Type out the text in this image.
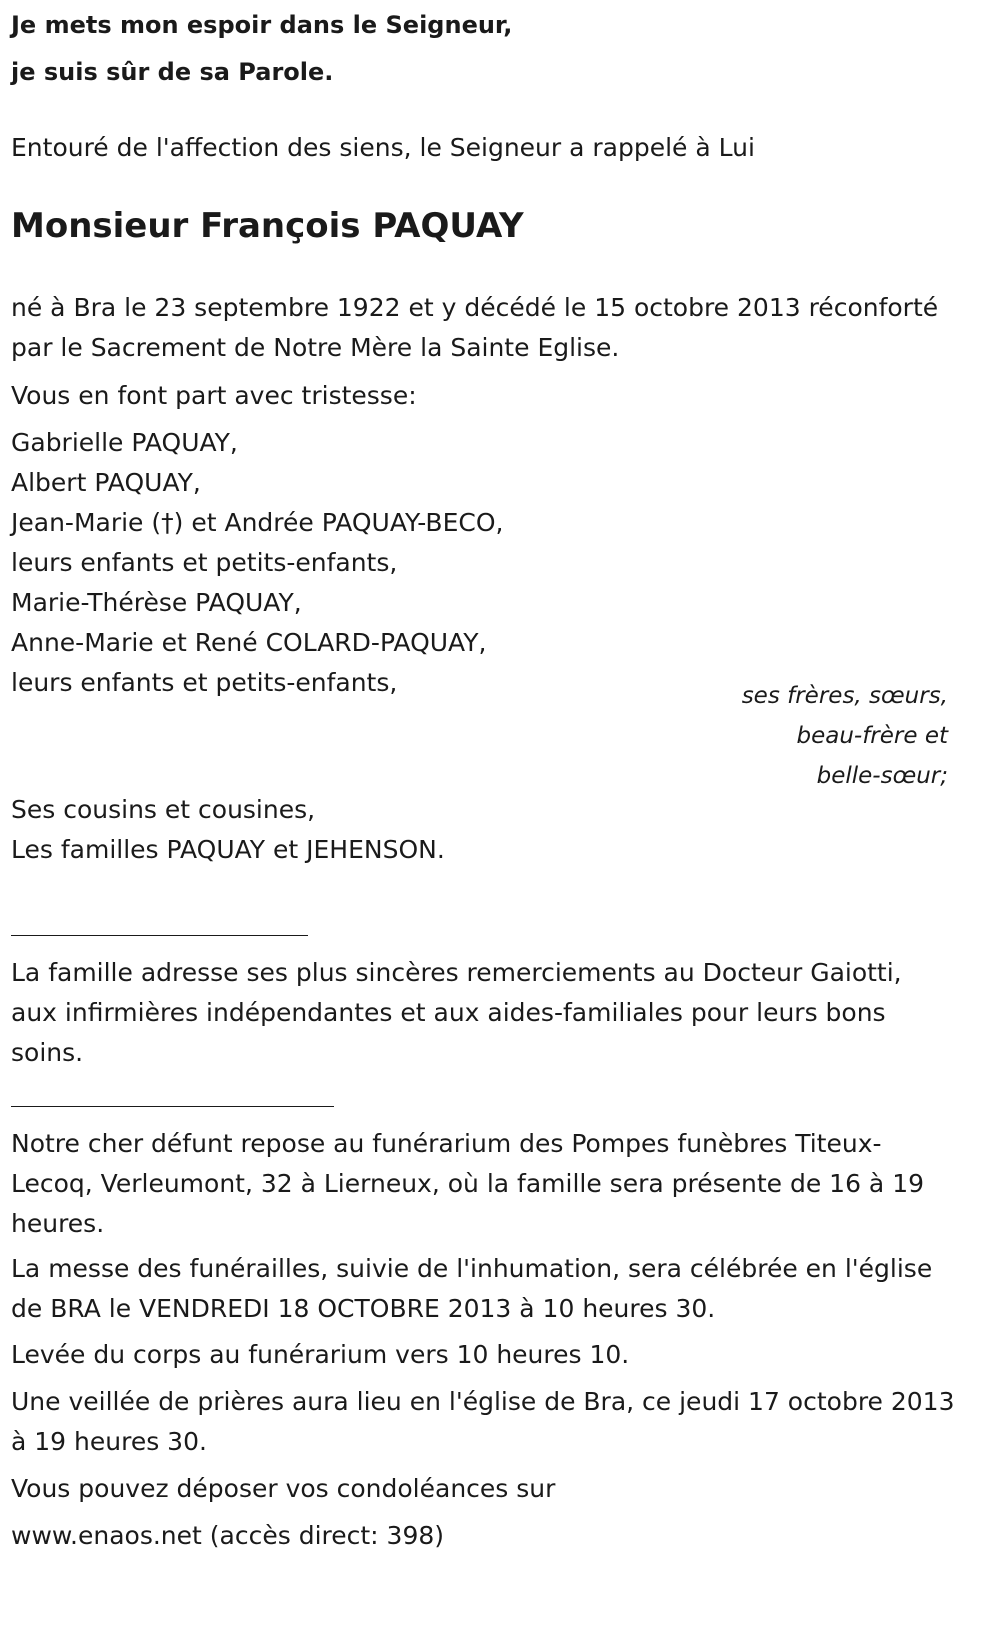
Je mets mon espoir dans le Seigneur,

je suis sûr de sa Parole.

Entouré de l'affection des siens, le Seigneur a rappelé à Lui

Monsieur François PAQUAY

né à Bra le 23 septembre 1922 et y décédé le 15 octobre 2013 réconforté

par le Sacrement de Notre Mère la Sainte Eglise.

Vous en font part avec tristesse:

Gabrielle PAQUAY,
Albert PAQUAY,
Jean-Marie (†) et Andrée PAQUAY-BECO,
leurs enfants et petits-enfants,
Marie-Thérèse PAQUAY,
Anne-Marie et René COLARD-PAQUAY,
leurs enfants et petits-enfants,	ses frères, sœurs,
beau-frère et
belle-sœur;
Ses cousins et cousines,
Les familles PAQUAY et JEHENSON.
La famille adresse ses plus sincères remerciements au Docteur Gaiotti,
aux infirmières indépendantes et aux aides-familiales pour leurs bons
soins.
Notre cher défunt repose au funérarium des Pompes funèbres Titeux-
Lecoq, Verleumont, 32 à Lierneux, où la famille sera présente de 16 à 19
heures.
La messe des funérailles, suivie de l'inhumation, sera célébrée en l'église
de BRA le VENDREDI 18 OCTOBRE 2013 à 10 heures 30.

Levée du corps au funérarium vers 10 heures 10.

Une veillée de prières aura lieu en l'église de Bra, ce jeudi 17 octobre 2013
à 19 heures 30.

Vous pouvez déposer vos condoléances sur

www.enaos.net (accès direct: 398)
